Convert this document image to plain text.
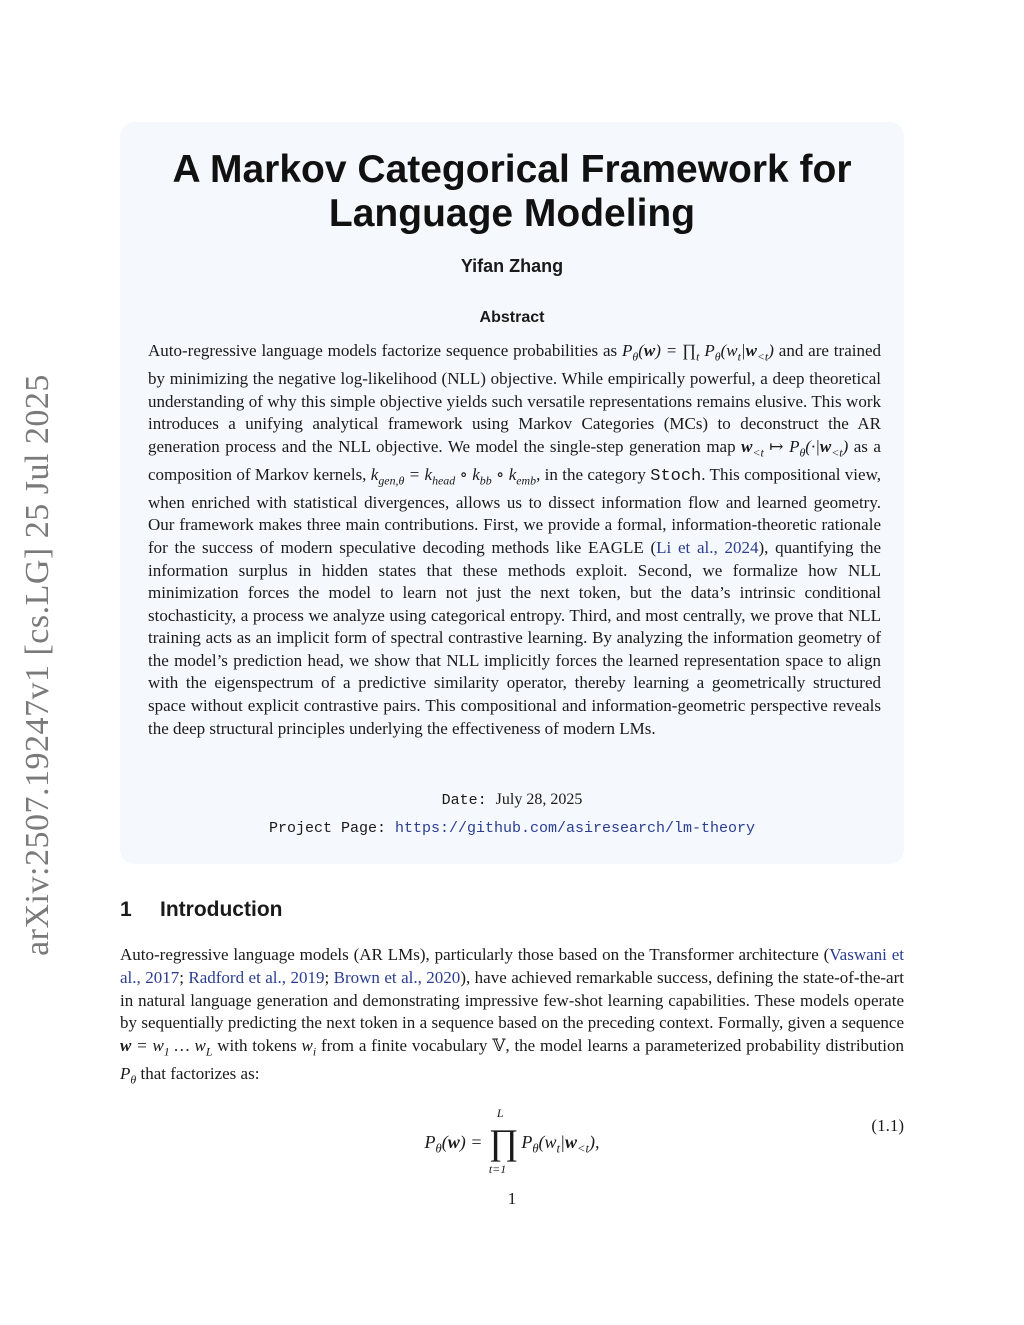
arXiv:2507.19247v1 [cs.LG] 25 Jul 2025
A Markov Categorical Framework for Language Modeling
Yifan Zhang
Abstract

Auto-regressive language models factorize sequence probabilities as $P_\theta(w)$ = $\prod_t$ $P_\theta(w_t|w_{<t})$ and are trained by minimizing the negative log-likelihood (NLL) objective. While empirically powerful, a deep theoretical understanding of why this simple objective yields such versatile representations remains elusive. This work introduces a unifying analytical framework using Markov Categories (MCs) to deconstruct the AR generation process and the NLL objective. We model the single-step generation map $w_{<t}$ ↦ $P_\theta(\cdot|w_{<t})$ as a composition of Markov kernels, $k_{gen,\theta} = k_{head}$ ∘ $k_{bb}$ ∘ $k_{emb}$, in the category Stoch. This compositional view, when enriched with statistical divergences, allows us to dissect information flow and learned geometry. Our framework makes three main contributions. First, we provide a formal, information-theoretic rationale for the success of modern speculative decoding methods like EAGLE (Li et al., 2024), quantifying the information surplus in hidden states that these methods exploit. Second, we formalize how NLL minimization forces the model to learn not just the next token, but the data’s intrinsic conditional stochasticity, a process we analyze using categorical entropy. Third, and most centrally, we prove that NLL training acts as an implicit form of spectral contrastive learning. By analyzing the information geometry of the model’s prediction head, we show that NLL implicitly forces the learned representation space to align with the eigenspectrum of a predictive similarity operator, thereby learning a geometrically structured space without explicit contrastive pairs. This compositional and information-geometric perspective reveals the deep structural principles underlying the effectiveness of modern LMs.

Date: July 28, 2025
Project Page: https://github.com/asiresearch/lm-theory
1 Introduction

Auto-regressive language models (AR LMs), particularly those based on the Transformer architecture (Vaswani et al., 2017; Radford et al., 2019; Brown et al., 2020), have achieved remarkable success, defining the state-of-the-art in natural language generation and demonstrating impressive few-shot learning capabilities. These models operate by sequentially predicting the next token in a sequence based on the preceding context. Formally, given a sequence $w = w_1$ … $w_L$ with tokens $w_i$ from a finite vocabulary 𝕍, the model learns a parameterized probability distribution $P_\theta$ that factorizes as:

$P_\theta(w)$ =
L
∏
t=1
$P_\theta(w_t|w_{<t})$,
(1.1)
1
